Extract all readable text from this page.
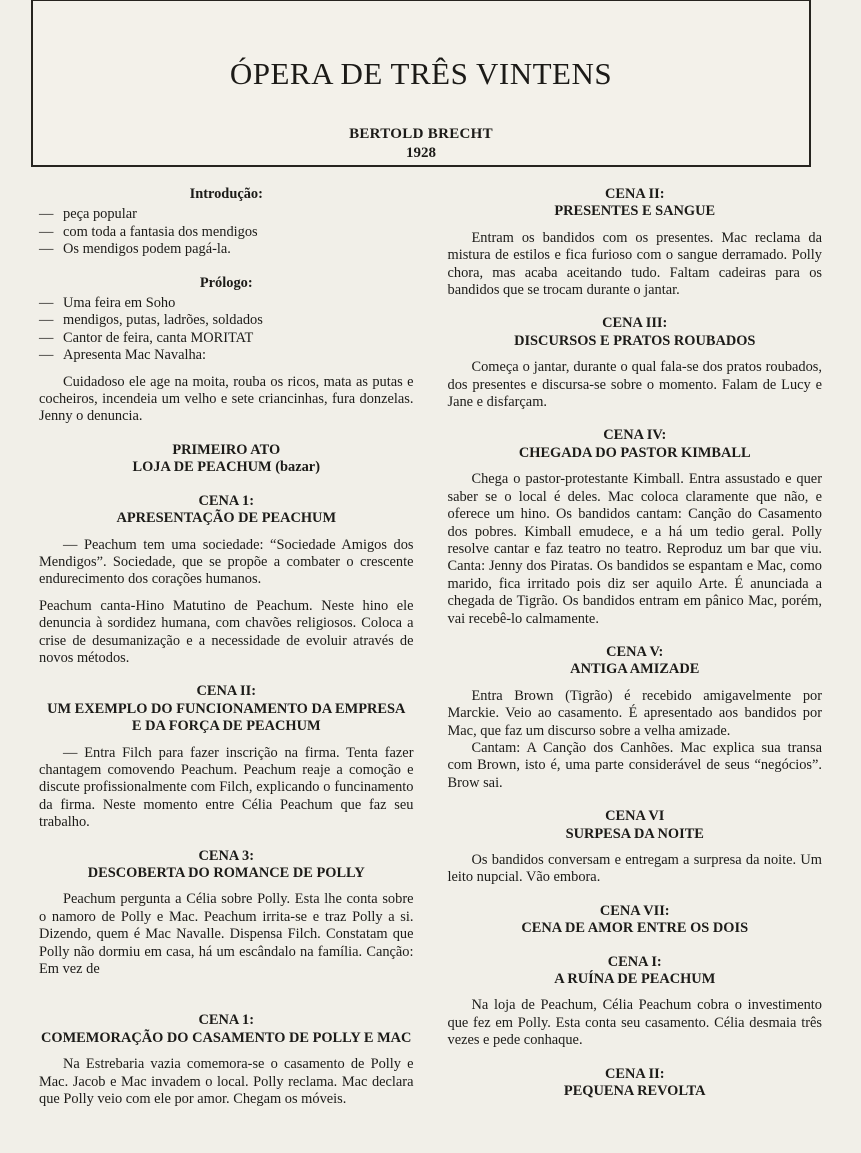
ÓPERA DE TRÊS VINTENS
BERTOLD BRECHT
1928
Introdução:
— peça popular
— com toda a fantasia dos mendigos
— Os mendigos podem pagá-la.
Prólogo:
— Uma feira em Soho
— mendigos, putas, ladrões, soldados
— Cantor de feira, canta MORITAT
— Apresenta Mac Navalha:

Cuidadoso ele age na moita, rouba os ricos, mata as putas e cocheiros, incendeia um velho e sete criancinhas, fura donzelas. Jenny o denuncia.

PRIMEIRO ATO
LOJA DE PEACHUM (bazar)
CENA 1:
APRESENTAÇÃO DE PEACHUM

— Peachum tem uma sociedade: “Sociedade Amigos dos Mendigos”. Sociedade, que se propõe a combater o crescente endurecimento dos corações humanos.

Peachum canta-Hino Matutino de Peachum. Neste hino ele denuncia à sordidez humana, com chavões religiosos. Coloca a crise de desumanização e a necessidade de evoluir através de novos métodos.

CENA II:
UM EXEMPLO DO FUNCIONAMENTO DA EMPRESA
E DA FORÇA DE PEACHUM

— Entra Filch para fazer inscrição na firma. Tenta fazer chantagem comovendo Peachum. Peachum reaje a comoção e discute profissionalmente com Filch, explicando o funcinamento da firma. Neste momento entre Célia Peachum que faz seu trabalho.

CENA 3:
DESCOBERTA DO ROMANCE DE POLLY

Peachum pergunta a Célia sobre Polly. Esta lhe conta sobre o namoro de Polly e Mac. Peachum irrita-se e traz Polly a si. Dizendo, quem é Mac Navalle. Dispensa Filch. Constatam que Polly não dormiu em casa, há um escândalo na família. Canção: Em vez de

CENA 1:
COMEMORAÇÃO DO CASAMENTO DE POLLY E MAC

Na Estrebaria vazia comemora-se o casamento de Polly e Mac. Jacob e Mac invadem o local. Polly reclama. Mac declara que Polly veio com ele por amor. Chegam os móveis.

CENA II:
PRESENTES E SANGUE

Entram os bandidos com os presentes. Mac reclama da mistura de estilos e fica furioso com o sangue derramado. Polly chora, mas acaba aceitando tudo. Faltam cadeiras para os bandidos que se trocam durante o jantar.

CENA III:
DISCURSOS E PRATOS ROUBADOS

Começa o jantar, durante o qual fala-se dos pratos roubados, dos presentes e discursa-se sobre o momento. Falam de Lucy e Jane e disfarçam.

CENA IV:
CHEGADA DO PASTOR KIMBALL

Chega o pastor-protestante Kimball. Entra assustado e quer saber se o local é deles. Mac coloca claramente que não, e oferece um hino. Os bandidos cantam: Canção do Casamento dos pobres. Kimball emudece, e a há um tedio geral. Polly resolve cantar e faz teatro no teatro. Reproduz um bar que viu. Canta: Jenny dos Piratas. Os bandidos se espantam e Mac, como marido, fica irritado pois diz ser aquilo Arte. É anunciada a chegada de Tigrão. Os bandidos entram em pânico Mac, porém, vai recebê-lo calmamente.

CENA V:
ANTIGA AMIZADE

Entra Brown (Tigrão) é recebido amigavelmente por Marckie. Veio ao casamento. É apresentado aos bandidos por Mac, que faz um discurso sobre a velha amizade.

Cantam: A Canção dos Canhões. Mac explica sua transa com Brown, isto é, uma parte considerável de seus “negócios”. Brow sai.

CENA VI
SURPESA DA NOITE

Os bandidos conversam e entregam a surpresa da noite. Um leito nupcial. Vão embora.

CENA VII:
CENA DE AMOR ENTRE OS DOIS
CENA I:
A RUÍNA DE PEACHUM

Na loja de Peachum, Célia Peachum cobra o investimento que fez em Polly. Esta conta seu casamento. Célia desmaia três vezes e pede conhaque.

CENA II:
PEQUENA REVOLTA
